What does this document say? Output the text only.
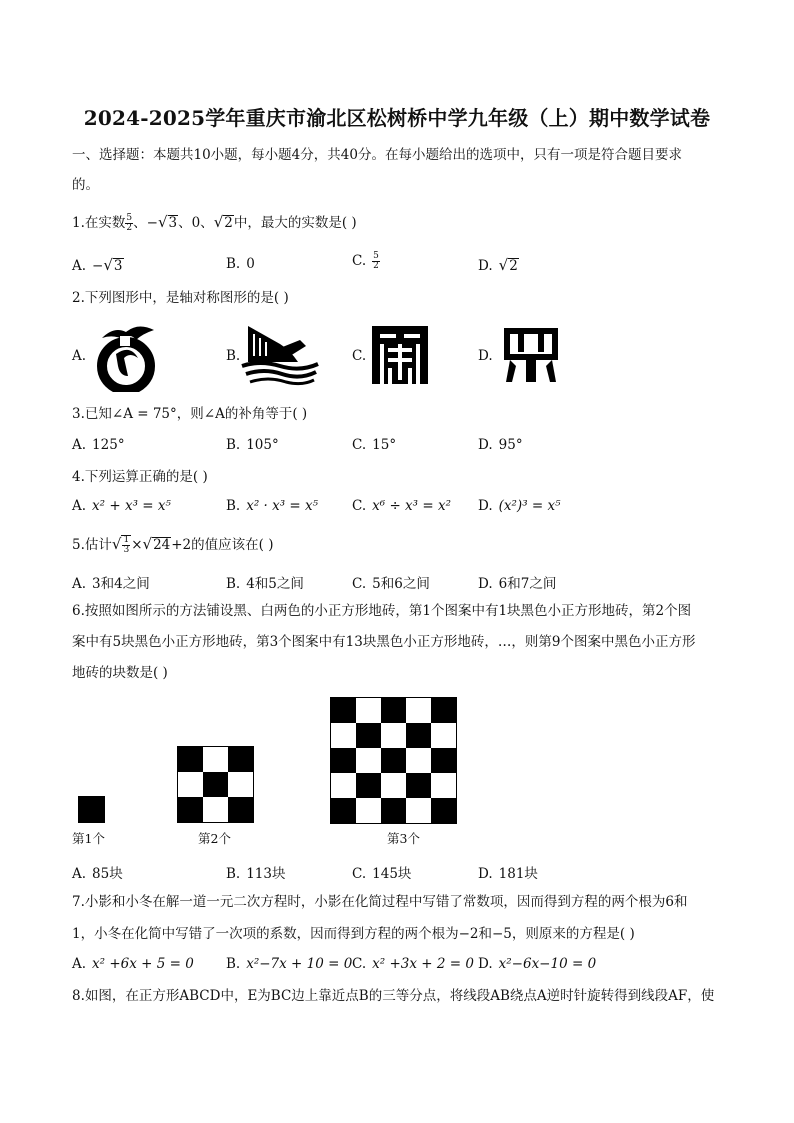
2024-2025学年重庆市渝北区松树桥中学九年级（上）期中数学试卷
一、选择题：本题共10小题，每小题4分，共40分。在每小题给出的选项中，只有一项是符合题目要求
的。
1.在实数 $\frac{5}{2}$ 、−√3、0、√2中，最大的实数是( )
A. −√3	B. 0	C. $\frac{5}{2}$	D. √2
2.下列图形中，是轴对称图形的是( )
A.	B.	C.	D.
3.已知∠A = 75°，则∠A的补角等于( )
A. 125°	B. 105°	C. 15°	D. 95°
4.下列运算正确的是( )
A. x² + x³ = x⁵	B. x² · x³ = x⁵	C. x⁶ ÷ x³ = x² D. (x²)³ = x⁵
5.估计√ $\frac{1}{3} \times√24+2$的值应该在( )
A. 3和4之间	B. 4和5之间	C. 5和6之间	D. 6和7之间
6.按照如图所示的方法铺设黑、白两色的小正方形地砖，第1个图案中有1块黑色小正方形地砖，第2个图
案中有5块黑色小正方形地砖，第3个图案中有13块黑色小正方形地砖，…，则第9个图案中黑色小正方形
地砖的块数是( )
第1个	第2个	第3个
A. 85块	B. 113块	C. 145块	D. 181块
7.小影和小冬在解一道一元二次方程时，小影在化简过程中写错了常数项，因而得到方程的两个根为6和
1，小冬在化简中写错了一次项的系数，因而得到方程的两个根为−2和−5，则原来的方程是( )
A. x² +6x + 5 = 0 B. x²−7x + 10 = 0 C. x² +3x + 2 = 0 D. x²−6x−10 = 0
8.如图，在正方形ABCD中，E为BC边上靠近点B的三等分点，将线段AB绕点A逆时针旋转得到线段AF，使
